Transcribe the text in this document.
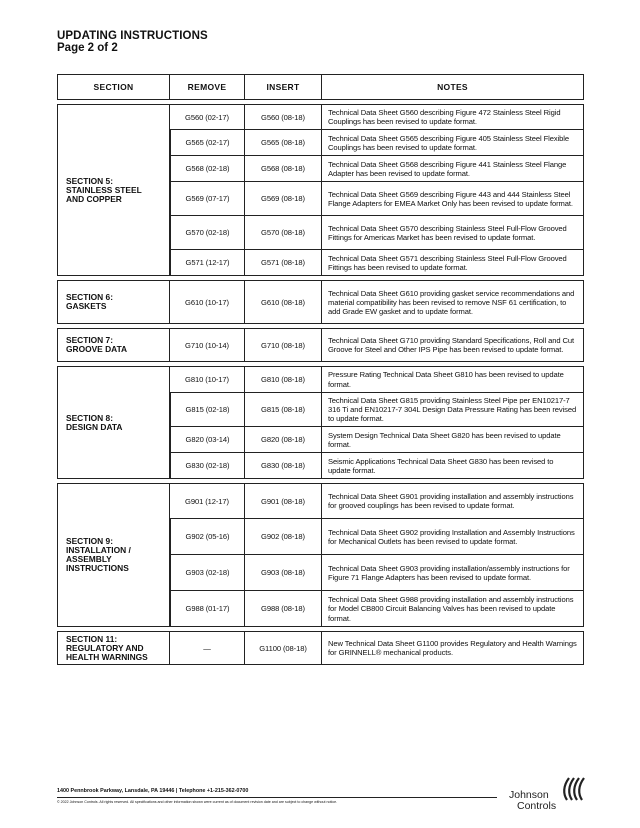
UPDATING INSTRUCTIONS
Page 2 of 2
SECTION	REMOVE	INSERT	NOTES

SECTION 5:
STAINLESS STEEL
AND COPPER	G560 (02-17)	G560 (08-18)	Technical Data Sheet G560 describing Figure 472 Stainless Steel Rigid Couplings has been revised to update format.
	G565 (02-17)	G565 (08-18)	Technical Data Sheet G565 describing Figure 405 Stainless Steel Flexible Couplings has been revised to update format.
	G568 (02-18)	G568 (08-18)	Technical Data Sheet G568 describing Figure 441 Stainless Steel Flange Adapter has been revised to update format.
	G569 (07-17)	G569 (08-18)	Technical Data Sheet G569 describing Figure 443 and 444 Stainless Steel Flange Adapters for EMEA Market Only has been revised to update format.
	G570 (02-18)	G570 (08-18)	Technical Data Sheet G570 describing Stainless Steel Full-Flow Grooved Fittings for Americas Market has been revised to update format.
	G571 (12-17)	G571 (08-18)	Technical Data Sheet G571 describing Stainless Steel Full-Flow Grooved Fittings has been revised to update format.

SECTION 6:
GASKETS	G610 (10-17)	G610 (08-18)	Technical Data Sheet G610 providing gasket service recommendations and material compatibility has been revised to remove NSF 61 certification, to add Grade EW gasket and to update format.

SECTION 7:
GROOVE DATA	G710 (10-14)	G710 (08-18)	Technical Data Sheet G710 providing Standard Specifications, Roll and Cut Groove for Steel and Other IPS Pipe has been revised to update format.

SECTION 8:
DESIGN DATA	G810 (10-17)	G810 (08-18)	Pressure Rating Technical Data Sheet G810 has been revised to update format.
	G815 (02-18)	G815 (08-18)	Technical Data Sheet G815 providing Stainless Steel Pipe per EN10217-7 316 Ti and EN10217-7 304L Design Data Pressure Rating has been revised to update format.
	G820 (03-14)	G820 (08-18)	System Design Technical Data Sheet G820 has been revised to update format.
	G830 (02-18)	G830 (08-18)	Seismic Applications Technical Data Sheet G830 has been revised to update format.

SECTION 9:
INSTALLATION /
ASSEMBLY
INSTRUCTIONS	G901 (12-17)	G901 (08-18)	Technical Data Sheet G901 providing installation and assembly instructions for grooved couplings has been revised to update format.
	G902 (05-16)	G902 (08-18)	Technical Data Sheet G902 providing Installation and Assembly Instructions for Mechanical Outlets has been revised to update format.
	G903 (02-18)	G903 (08-18)	Technical Data Sheet G903 providing installation/assembly instructions for Figure 71 Flange Adapters has been revised to update format.
	G988 (01-17)	G988 (08-18)	Technical Data Sheet G988 providing installation and assembly instructions for Model CB800 Circuit Balancing Valves has been revised to update format.

SECTION 11:
REGULATORY AND
HEALTH WARNINGS	—	G1100 (08-18)	New Technical Data Sheet G1100 provides Regulatory and Health Warnings for GRINNELL® mechanical products.
1400 Pennbrook Parkway, Lansdale, PA 19446 | Telephone +1-215-362-0700
© 2022 Johnson Controls. All rights reserved. All specifications and other information shown were current as of document revision date and are subject to change without notice.
Johnson
Controls
